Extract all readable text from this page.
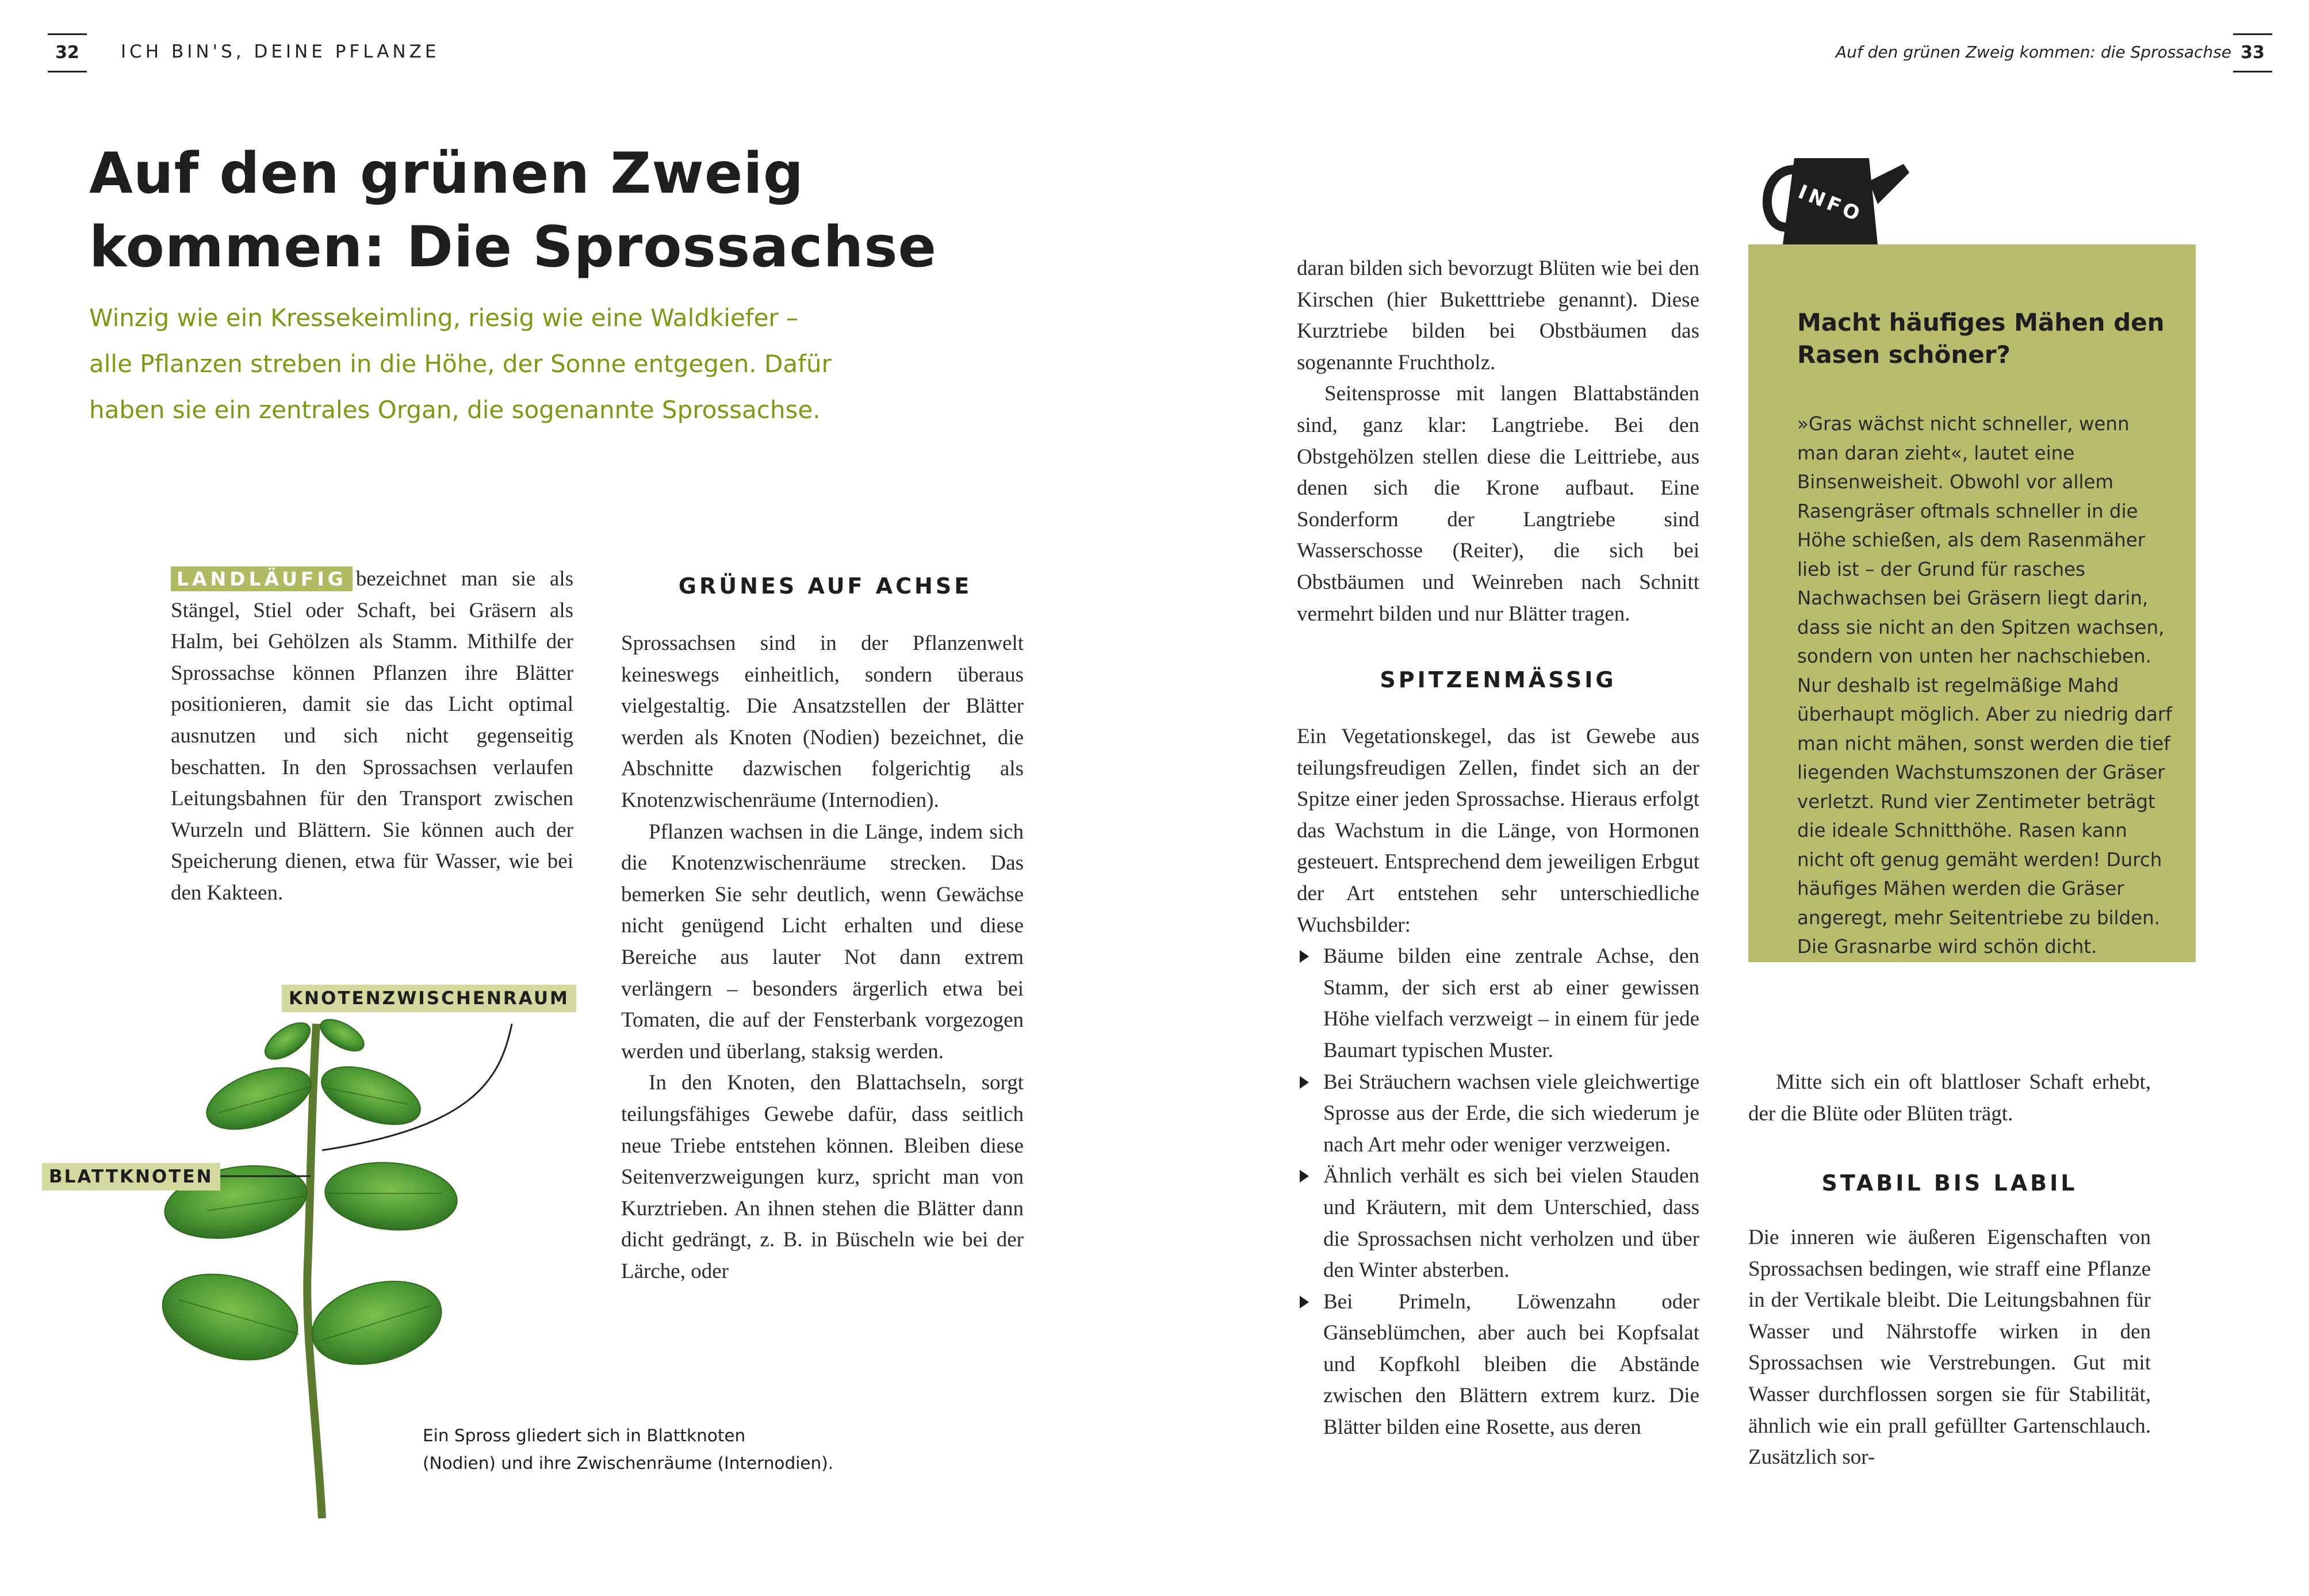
32	ICH BIN'S, DEINE PFLANZE	Auf den grünen Zweig kommen: die Sprossachse 33
Auf den grünen Zweig
kommen: Die Sprossachse
Winzig wie ein Kressekeimling, riesig wie eine Waldkiefer –
alle Pflanzen streben in die Höhe, der Sonne entgegen. Dafür
haben sie ein zentrales Organ, die sogenannte Sprossachse.

LANDLÄUFIG bezeichnet man sie als Stängel, Stiel oder Schaft, bei Gräsern als Halm, bei Gehölzen als Stamm. Mithilfe der Sprossachse können Pflanzen ihre Blätter positionieren, damit sie das Licht optimal ausnutzen und sich nicht gegenseitig beschatten. In den Sprossachsen verlaufen Leitungsbahnen für den Transport zwischen Wurzeln und Blättern. Sie können auch der Speicherung dienen, etwa für Wasser, wie bei den Kakteen.

KNOTENZWISCHENRAUM
BLATTKNOTEN
Ein Spross gliedert sich in Blattknoten
(Nodien) und ihre Zwischenräume (Internodien).
GRÜNES AUF ACHSE

Sprossachsen sind in der Pflanzenwelt keineswegs einheitlich, sondern überaus vielgestaltig. Die Ansatzstellen der Blätter werden als Knoten (Nodien) bezeichnet, die Abschnitte dazwischen folgerichtig als Knotenzwischenräume (Internodien).

Pflanzen wachsen in die Länge, indem sich die Knotenzwischenräume strecken. Das bemerken Sie sehr deutlich, wenn Gewächse nicht genügend Licht erhalten und diese Bereiche aus lauter Not dann extrem verlängern – besonders ärgerlich etwa bei Tomaten, die auf der Fensterbank vorgezogen werden und überlang, staksig werden.

In den Knoten, den Blattachseln, sorgt teilungsfähiges Gewebe dafür, dass seitlich neue Triebe entstehen können. Bleiben diese Seitenverzweigungen kurz, spricht man von Kurztrieben. An ihnen stehen die Blätter dann dicht gedrängt, z. B. in Büscheln wie bei der Lärche, oder

daran bilden sich bevorzugt Blüten wie bei den Kirschen (hier Buketttriebe genannt). Diese Kurztriebe bilden bei Obstbäumen das sogenannte Fruchtholz.

Seitensprosse mit langen Blattabständen sind, ganz klar: Langtriebe. Bei den Obstgehölzen stellen diese die Leittriebe, aus denen sich die Krone aufbaut. Eine Sonderform der Langtriebe sind Wasserschosse (Reiter), die sich bei Obstbäumen und Weinreben nach Schnitt vermehrt bilden und nur Blätter tragen.

SPITZENMÄSSIG

Ein Vegetationskegel, das ist Gewebe aus teilungsfreudigen Zellen, findet sich an der Spitze einer jeden Sprossachse. Hieraus erfolgt das Wachstum in die Länge, von Hormonen gesteuert. Entsprechend dem jeweiligen Erbgut der Art entstehen sehr unterschiedliche Wuchsbilder:

Bäume bilden eine zentrale Achse, den Stamm, der sich erst ab einer gewissen Höhe vielfach verzweigt – in einem für jede Baumart typischen Muster.
Bei Sträuchern wachsen viele gleichwertige Sprosse aus der Erde, die sich wiederum je nach Art mehr oder weniger verzweigen.
Ähnlich verhält es sich bei vielen Stauden und Kräutern, mit dem Unterschied, dass die Sprossachsen nicht verholzen und über den Winter absterben.
Bei Primeln, Löwenzahn oder Gänseblümchen, aber auch bei Kopfsalat und Kopfkohl bleiben die Abstände zwischen den Blättern extrem kurz. Die Blätter bilden eine Rosette, aus deren
INFO
Macht häufiges Mähen den Rasen schöner?

»Gras wächst nicht schneller, wenn man daran zieht«, lautet eine Binsenweisheit. Obwohl vor allem Rasengräser oftmals schneller in die Höhe schießen, als dem Rasenmäher lieb ist – der Grund für rasches Nachwachsen bei Gräsern liegt darin, dass sie nicht an den Spitzen wachsen, sondern von unten her nachschieben.

Nur deshalb ist regelmäßige Mahd überhaupt möglich. Aber zu niedrig darf man nicht mähen, sonst werden die tief liegenden Wachstumszonen der Gräser verletzt. Rund vier Zentimeter beträgt die ideale Schnitthöhe. Rasen kann nicht oft genug gemäht werden! Durch häufiges Mähen werden die Gräser angeregt, mehr Seitentriebe zu bilden. Die Grasnarbe wird schön dicht.

Mitte sich ein oft blattloser Schaft erhebt, der die Blüte oder Blüten trägt.

STABIL BIS LABIL

Die inneren wie äußeren Eigenschaften von Sprossachsen bedingen, wie straff eine Pflanze in der Vertikale bleibt. Die Leitungsbahnen für Wasser und Nährstoffe wirken in den Sprossachsen wie Verstrebungen. Gut mit Wasser durchflossen sorgen sie für Stabilität, ähnlich wie ein prall gefüllter Gartenschlauch. Zusätzlich sor-
